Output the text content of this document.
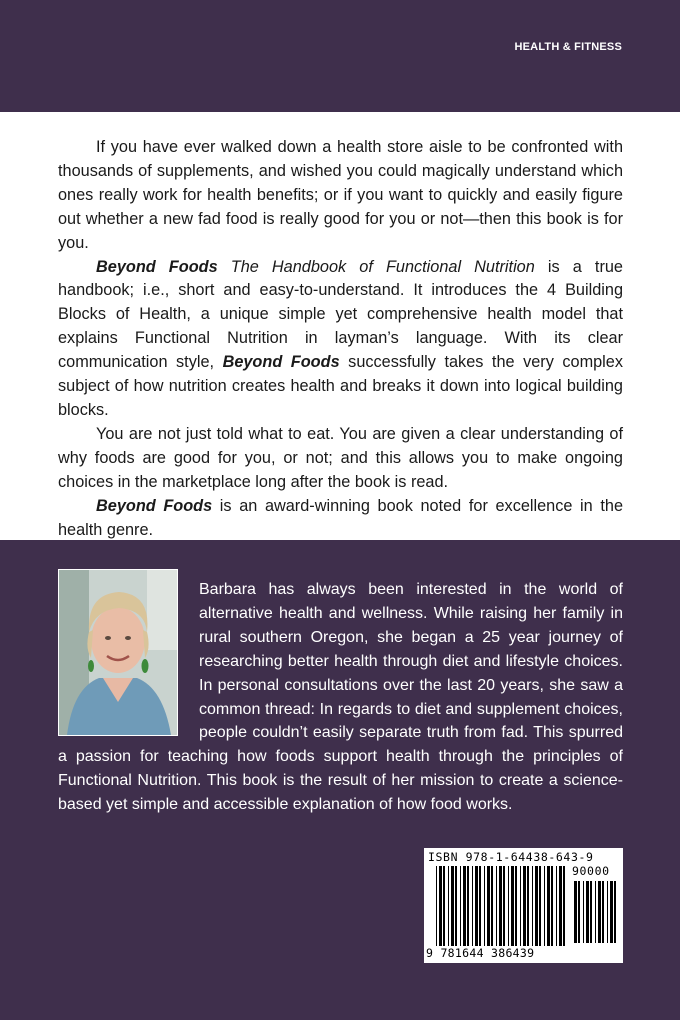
HEALTH & FITNESS

If you have ever walked down a health store aisle to be confronted with thousands of supplements, and wished you could magically understand which ones really work for health benefits; or if you want to quickly and easily figure out whether a new fad food is really good for you or not—then this book is for you.

Beyond Foods The Handbook of Functional Nutrition is a true handbook; i.e., short and easy-to-understand. It introduces the 4 Building Blocks of Health, a unique simple yet comprehensive health model that explains Functional Nutrition in layman’s language. With its clear communication style, Beyond Foods successfully takes the very complex subject of how nutrition creates health and breaks it down into logical building blocks.

You are not just told what to eat. You are given a clear understanding of why foods are good for you, or not; and this allows you to make ongoing choices in the marketplace long after the book is read.

Beyond Foods is an award-winning book noted for excellence in the health genre.

Barbara has always been interested in the world of alternative health and wellness. While raising her family in rural southern Oregon, she began a 25 year journey of researching better health through diet and lifestyle choices. In personal consultations over the last 20 years, she saw a common thread: In regards to diet and supplement choices, people couldn’t easily separate truth from fad. This spurred a passion for teaching how foods support health through the principles of Functional Nutrition. This book is the result of her mission to create a science-based yet simple and accessible explanation of how food works.

ISBN 978-1-64438-643-9
90000
9 781644 386439
